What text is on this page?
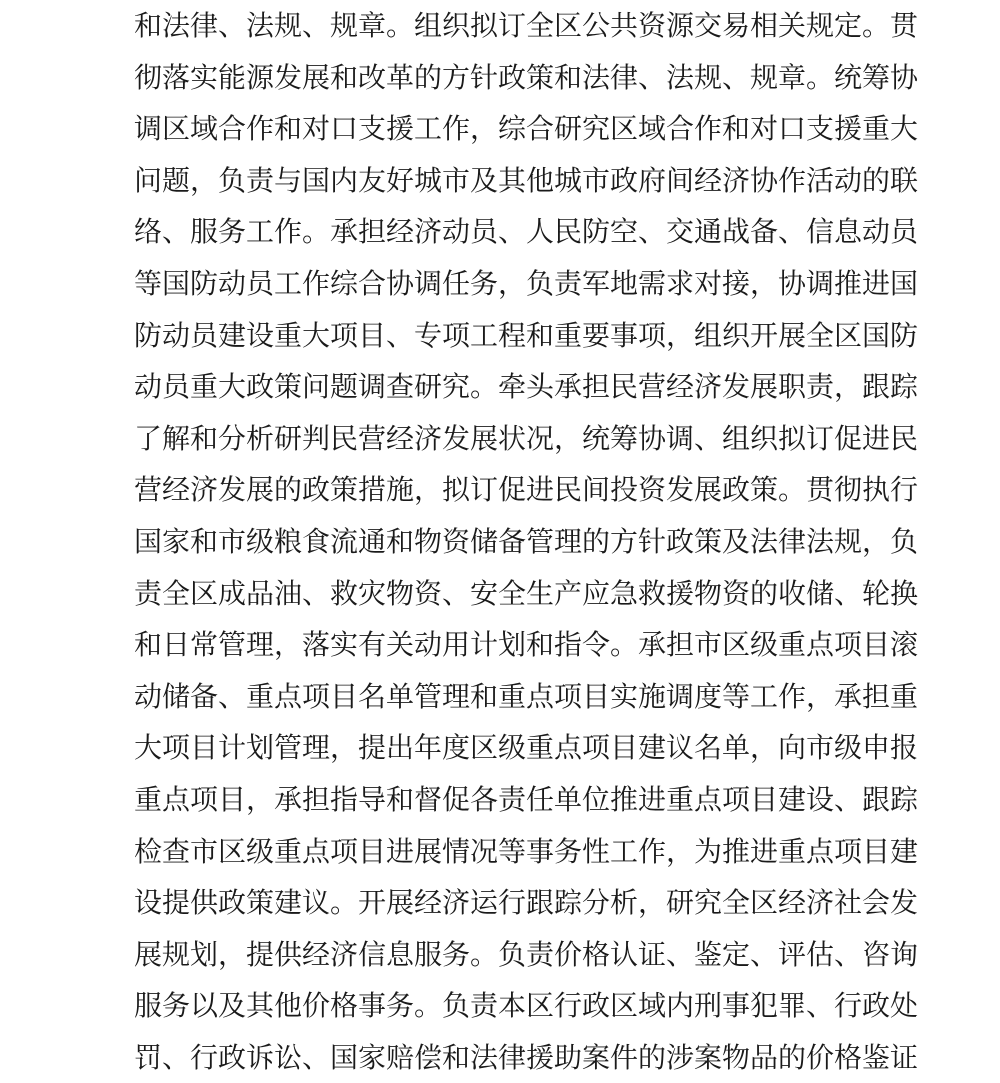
和法律、法规、规章。组织拟订全区公共资源交易相关规定。贯
彻落实能源发展和改革的方针政策和法律、法规、规章。统筹协
调区域合作和对口支援工作，综合研究区域合作和对口支援重大
问题，负责与国内友好城市及其他城市政府间经济协作活动的联
络、服务工作。承担经济动员、人民防空、交通战备、信息动员
等国防动员工作综合协调任务，负责军地需求对接，协调推进国
防动员建设重大项目、专项工程和重要事项，组织开展全区国防
动员重大政策问题调查研究。牵头承担民营经济发展职责，跟踪
了解和分析研判民营经济发展状况，统筹协调、组织拟订促进民
营经济发展的政策措施，拟订促进民间投资发展政策。贯彻执行
国家和市级粮食流通和物资储备管理的方针政策及法律法规，负
责全区成品油、救灾物资、安全生产应急救援物资的收储、轮换
和日常管理，落实有关动用计划和指令。承担市区级重点项目滚
动储备、重点项目名单管理和重点项目实施调度等工作，承担重
大项目计划管理，提出年度区级重点项目建议名单，向市级申报
重点项目，承担指导和督促各责任单位推进重点项目建设、跟踪
检查市区级重点项目进展情况等事务性工作，为推进重点项目建
设提供政策建议。开展经济运行跟踪分析，研究全区经济社会发
展规划，提供经济信息服务。负责价格认证、鉴定、评估、咨询
服务以及其他价格事务。负责本区行政区域内刑事犯罪、行政处
罚、行政诉讼、国家赔偿和法律援助案件的涉案物品的价格鉴证
